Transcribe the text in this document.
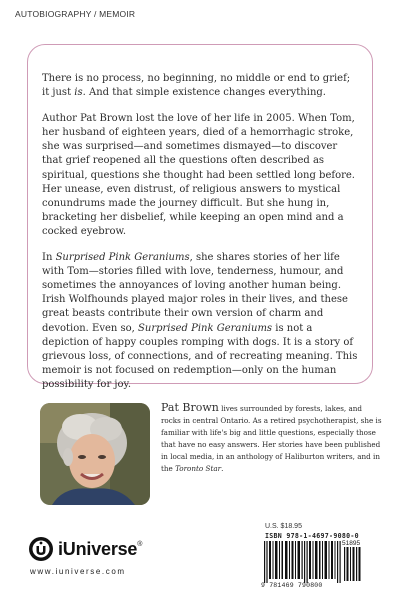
AUTOBIOGRAPHY / MEMOIR

There is no process, no beginning, no middle or end to grief; it just is. And that simple existence changes everything.

Author Pat Brown lost the love of her life in 2005. When Tom, her husband of eighteen years, died of a hemorrhagic stroke, she was surprised—and sometimes dismayed—to discover that grief reopened all the questions often described as spiritual, questions she thought had been settled long before. Her unease, even distrust, of religious answers to mystical conundrums made the journey difficult. But she hung in, bracketing her disbelief, while keeping an open mind and a cocked eyebrow.

In Surprised Pink Geraniums, she shares stories of her life with Tom—stories filled with love, tenderness, humour, and sometimes the annoyances of loving another human being. Irish Wolfhounds played major roles in their lives, and these great beasts contribute their own version of charm and devotion. Even so, Surprised Pink Geraniums is not a depiction of happy couples romping with dogs. It is a story of grievous loss, of connections, and of recreating meaning. This memoir is not focused on redemption—only on the human possibility for joy.

Pat Brown lives surrounded by forests, lakes, and rocks in central Ontario. As a retired psychotherapist, she is familiar with life's big and little questions, especially those that have no easy answers. Her stories have been published in local media, in an anthology of Haliburton writers, and in the Toronto Star.
U.S. $18.95
ISBN 978-1-4697-9080-0
51895
9 781469 790800
iUniverse®
www.iuniverse.com
